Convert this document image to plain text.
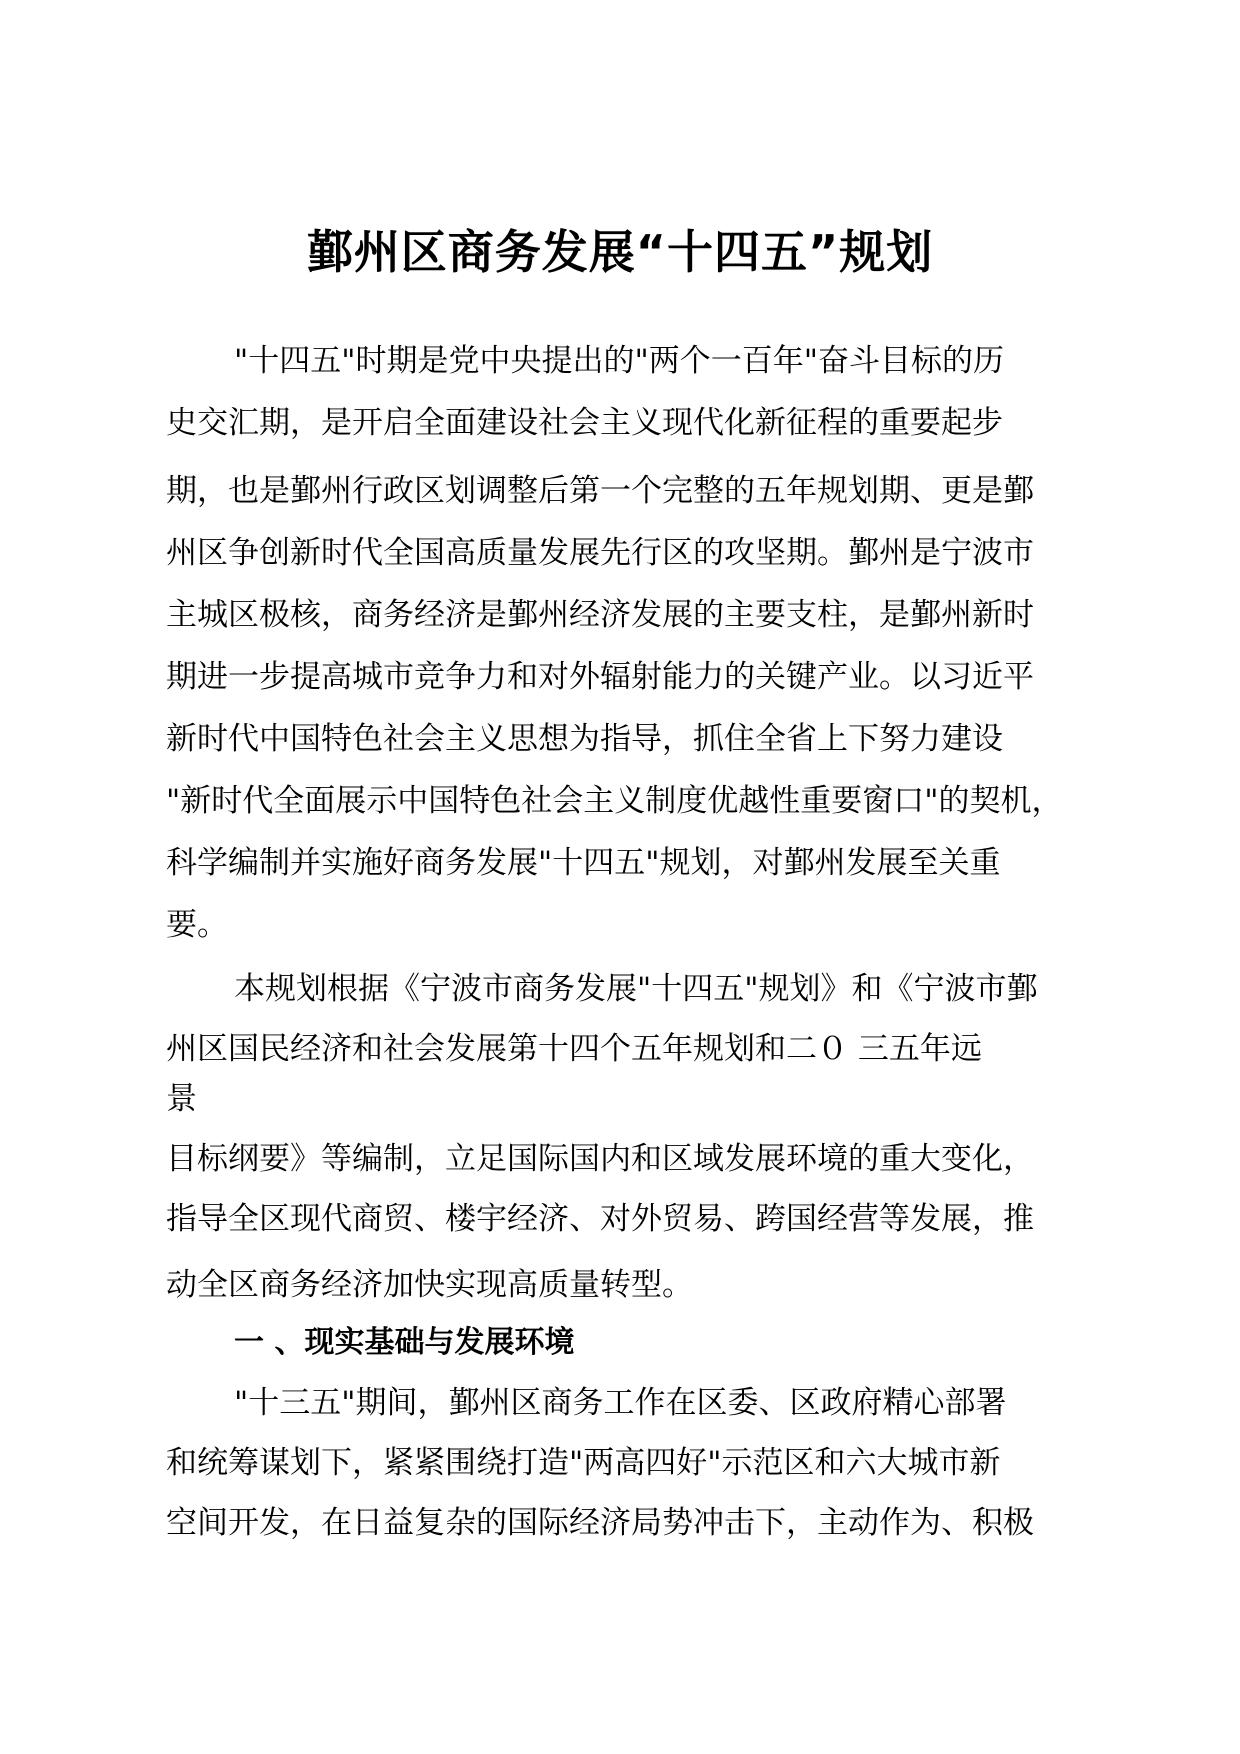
鄞州区商务发展“十四五”规划
"十四五"时期是党中央提出的"两个一百年"奋斗目标的历
史交汇期，是开启全面建设社会主义现代化新征程的重要起步
期，也是鄞州行政区划调整后第一个完整的五年规划期、更是鄞
州区争创新时代全国高质量发展先行区的攻坚期。鄞州是宁波市
主城区极核，商务经济是鄞州经济发展的主要支柱，是鄞州新时
期进一步提高城市竞争力和对外辐射能力的关键产业。以习近平
新时代中国特色社会主义思想为指导，抓住全省上下努力建设
"新时代全面展示中国特色社会主义制度优越性重要窗口"的契机，
科学编制并实施好商务发展"十四五"规划，对鄞州发展至关重
要。
本规划根据《宁波市商务发展"十四五"规划》和《宁波市鄞
州区国民经济和社会发展第十四个五年规划和二０ 三五年远
景
目标纲要》等编制，立足国际国内和区域发展环境的重大变化，
指导全区现代商贸、楼宇经济、对外贸易、跨国经营等发展，推
动全区商务经济加快实现高质量转型。
一 、现实基础与发展环境
"十三五"期间，鄞州区商务工作在区委、区政府精心部署
和统筹谋划下，紧紧围绕打造"两高四好"示范区和六大城市新
空间开发，在日益复杂的国际经济局势冲击下，主动作为、积极
